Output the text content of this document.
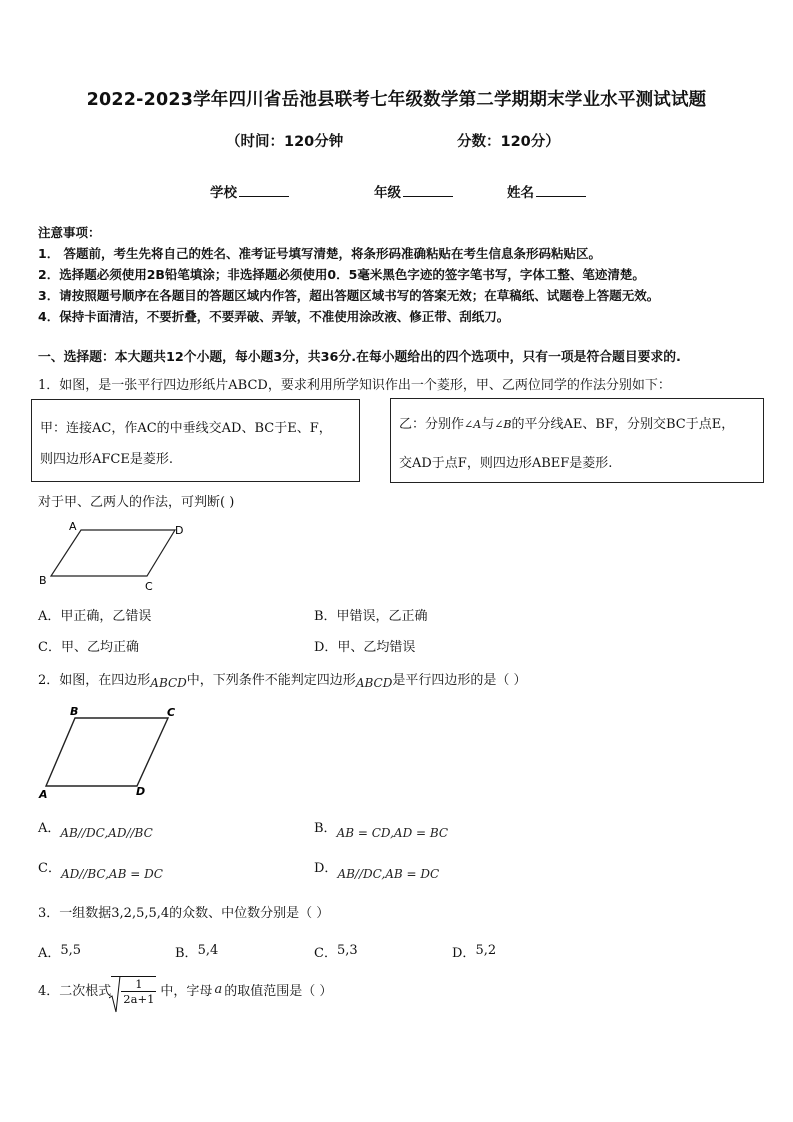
2022-2023学年四川省岳池县联考七年级数学第二学期期末学业水平测试试题
（时间：120分钟	分数：120分）
学校	年级	姓名
注意事项：
1． 答题前，考生先将自己的姓名、准考证号填写清楚，将条形码准确粘贴在考生信息条形码粘贴区。
2．选择题必须使用2B铅笔填涂；非选择题必须使用0．5毫米黑色字迹的签字笔书写，字体工整、笔迹清楚。
3．请按照题号顺序在各题目的答题区域内作答，超出答题区域书写的答案无效；在草稿纸、试题卷上答题无效。
4．保持卡面清洁，不要折叠，不要弄破、弄皱，不准使用涂改液、修正带、刮纸刀。
一、选择题：本大题共12个小题，每小题3分，共36分.在每小题给出的四个选项中，只有一项是符合题目要求的.
1．如图，是一张平行四边形纸片ABCD，要求利用所学知识作出一个菱形，甲、乙两位同学的作法分别如下：
甲：连接AC，作AC的中垂线交AD、BC于E、F，
则四边形AFCE是菱形.
乙：分别作∠A与∠B的平分线AE、BF，分别交BC于点E，
交AD于点F，则四边形ABEF是菱形.
对于甲、乙两人的作法，可判断( )
A	D
B	C
A．甲正确，乙错误	B．甲错误，乙正确
C．甲、乙均正确	D．甲、乙均错误
2．如图，在四边形ABCD中，下列条件不能判定四边形ABCD是平行四边形的是（ ）
B	C
A	D
A．AB//DC,AD//BC	B．AB = CD,AD = BC
C．AD//BC,AB = DC	D．AB//DC,AB = DC
3．一组数据3,2,5,5,4的众数、中位数分别是（ ）
A．5,5	B．5,4	C．5,3	D．5,2
4．二次根式 $\frac{1}{2a+1}$ 中，字母 a 的取值范围是（ ）
